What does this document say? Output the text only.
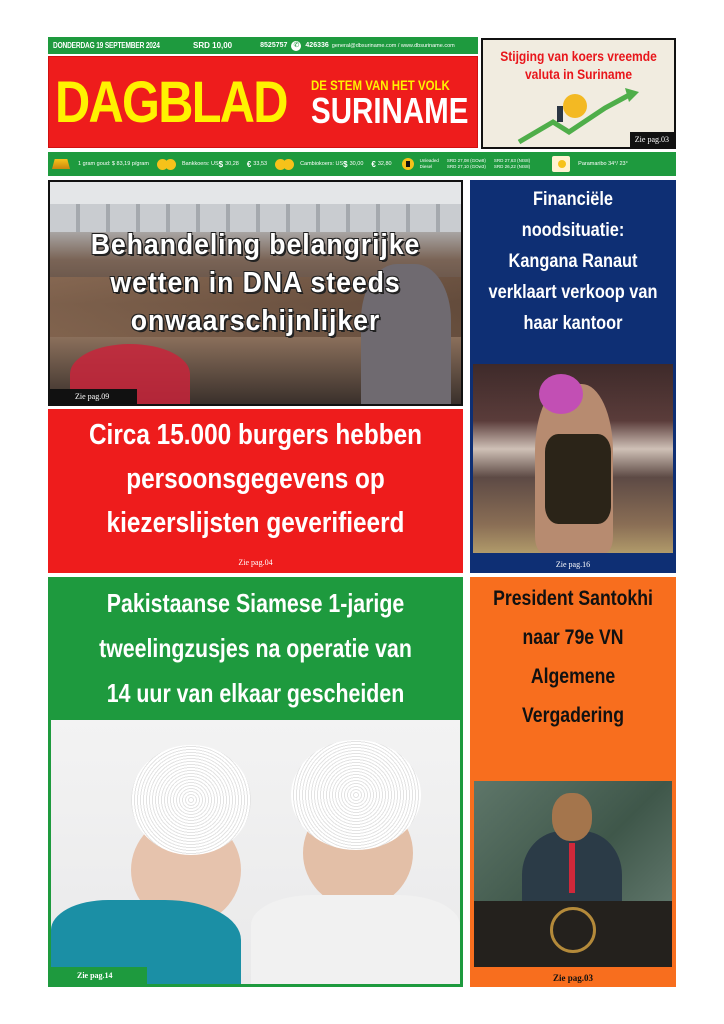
DONDERDAG 19 SEPTEMBER 2024	SRD 10,00	8525757 ✆ 426336 general@dbsuriname.com / www.dbsuriname.com
DAGBLAD DE STEM VAN HET VOLK
SURINAME
Stijging van koers vreemde valuta in Suriname
Zie pag.03
1 gram goud: $ 83,19 p/gram	Bankkoers: US $ 30,28 € 33,53	Cambiokoers: US $ 30,00 € 32,80
Unleaded
Diesel
SRD 27,08 (GOw8)
SRD 27,10 (GOw3)
SRD 27,63 (NIS8)
SRD 26,22 (NIS8)	Paramaribo 34°/ 23°
Behandeling belangrijke wetten in DNA steeds onwaarschijnlijker
Zie pag.09
Financiële noodsituatie: Kangana Ranaut verklaart verkoop van haar kantoor
Zie pag.16
Circa 15.000 burgers hebben persoonsgegevens op kiezerslijsten geverifieerd
Zie pag.04
Pakistaanse Siamese 1-jarige tweelingzusjes na operatie van 14 uur van elkaar gescheiden
Zie pag.14
President Santokhi naar 79e VN Algemene Vergadering
Zie pag.03
